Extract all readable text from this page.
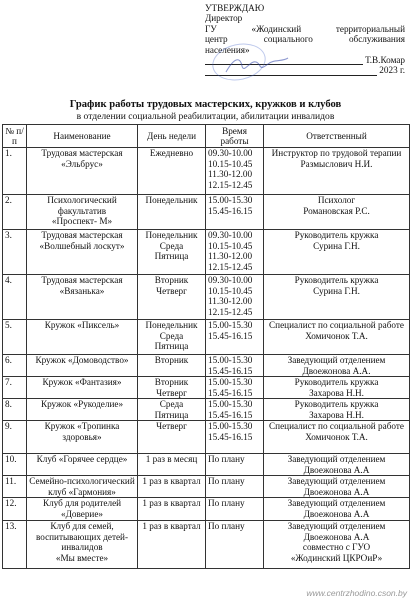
УТВЕРЖДАЮ
Директор
ГУ «Жодинский территориальный
центр социального обслуживания
населения»
Т.В.Комар
2023 г.
График работы трудовых мастерских, кружков и клубов
в отделении социальной реабилитации, абилитации инвалидов
№ п/п	Наименование	День недели	Время работы	Ответственный
1.	Трудовая мастерская
«Эльбрус»	Ежедневно	09.30-10.00
10.15-10.45
11.30-12.00
12.15-12.45	Инструктор по трудовой терапии
Размыслович Н.И.
2.	Психологический факультатив
«Проспект- М»	Понедельник	15.00-15.30
15.45-16.15	Психолог
Романовская Р.С.
3.	Трудовая мастерская
«Волшебный лоскут»	Понедельник
Среда
Пятница	09.30-10.00
10.15-10.45
11.30-12.00
12.15-12.45	Руководитель кружка
Сурина Г.Н.
4.	Трудовая мастерская
«Вязанька»	Вторник
Четверг	09.30-10.00
10.15-10.45
11.30-12.00
12.15-12.45	Руководитель кружка
Сурина Г.Н.
5.	Кружок «Пиксель»	Понедельник
Среда
Пятница	15.00-15.30
15.45-16.15	Специалист по социальной работе
Хомичонок Т.А.
6.	Кружок «Домоводство»	Вторник	15.00-15.30
15.45-16.15	Заведующий отделением
Двоежонова А.А.
7.	Кружок «Фантазия»	Вторник
Четверг	15.00-15.30
15.45-16.15	Руководитель кружка
Захарова Н.Н.
8.	Кружок «Рукоделие»	Среда
Пятница	15.00-15.30
15.45-16.15	Руководитель кружка
Захарова Н.Н.
9.	Кружок «Тропинка здоровья»	Четверг	15.00-15.30
15.45-16.15	Специалист по социальной работе
Хомичонок Т.А.
10.	Клуб «Горячее сердце»	1 раз в месяц	По плану	Заведующий отделением
Двоежонова А.А
11.	Семейно-психологический клуб «Гармония»	1 раз в квартал	По плану	Заведующий отделением
Двоежонова А.А
12.	Клуб для родителей
«Доверие»	1 раз в квартал	По плану	Заведующий отделением
Двоежонова А.А
13.	Клуб для семей, воспитывающих детей-инвалидов
«Мы вместе»	1 раз в квартал	По плану	Заведующий отделением
Двоежонова А.А
совместно с ГУО
«Жодинский ЦКРОиР»
www.centrzhodino.cson.by
